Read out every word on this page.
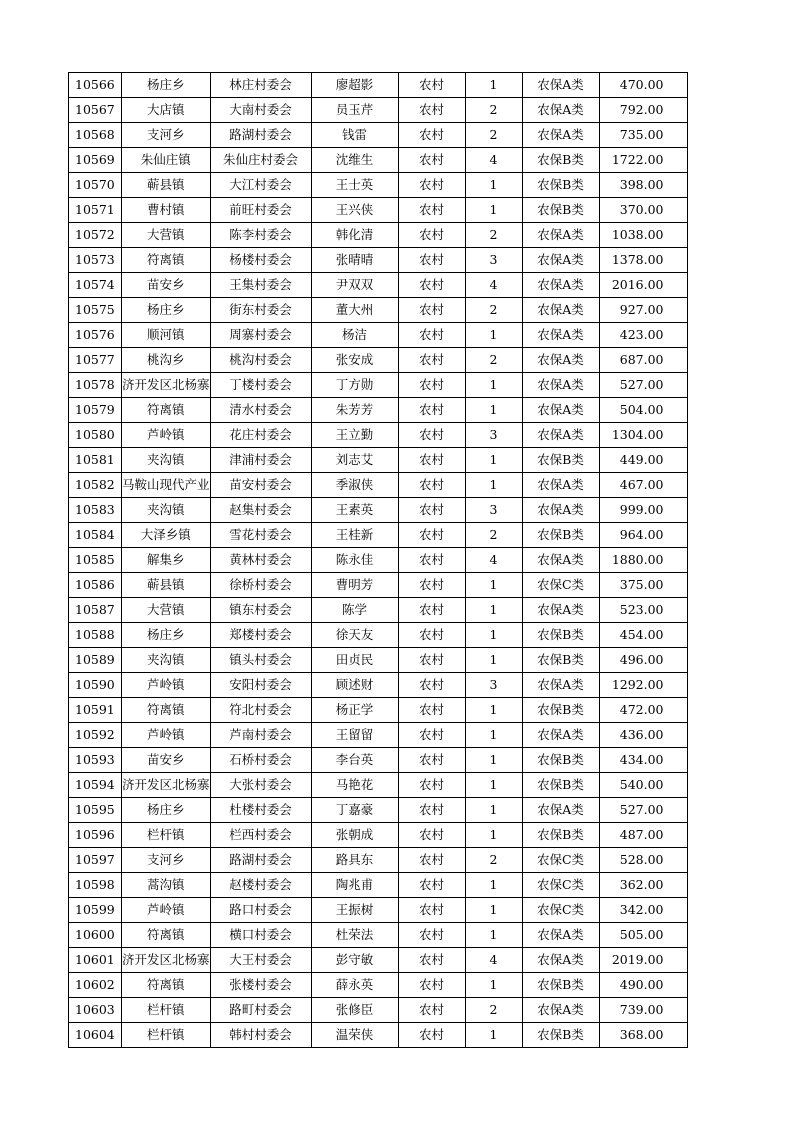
10566	杨庄乡	林庄村委会	廖超影	农村	1	农保A类	470.00
10567	大店镇	大南村委会	员玉芹	农村	2	农保A类	792.00
10568	支河乡	路湖村委会	钱雷	农村	2	农保A类	735.00
10569	朱仙庄镇	朱仙庄村委会	沈维生	农村	4	农保B类	1722.00
10570	蕲县镇	大江村委会	王士英	农村	1	农保B类	398.00
10571	曹村镇	前旺村委会	王兴侠	农村	1	农保B类	370.00
10572	大营镇	陈李村委会	韩化清	农村	2	农保A类	1038.00
10573	符离镇	杨楼村委会	张晴晴	农村	3	农保A类	1378.00
10574	苗安乡	王集村委会	尹双双	农村	4	农保A类	2016.00
10575	杨庄乡	街东村委会	董大州	农村	2	农保A类	927.00
10576	顺河镇	周寨村委会	杨洁	农村	1	农保A类	423.00
10577	桃沟乡	桃沟村委会	张安成	农村	2	农保A类	687.00
10578	济开发区北杨寨	丁楼村委会	丁方勋	农村	1	农保A类	527.00
10579	符离镇	清水村委会	朱芳芳	农村	1	农保A类	504.00
10580	芦岭镇	花庄村委会	王立勤	农村	3	农保A类	1304.00
10581	夹沟镇	津浦村委会	刘志艾	农村	1	农保B类	449.00
10582	马鞍山现代产业	苗安村委会	季淑侠	农村	1	农保A类	467.00
10583	夹沟镇	赵集村委会	王素英	农村	3	农保A类	999.00
10584	大泽乡镇	雪花村委会	王桂新	农村	2	农保B类	964.00
10585	解集乡	黄林村委会	陈永佳	农村	4	农保A类	1880.00
10586	蕲县镇	徐桥村委会	曹明芳	农村	1	农保C类	375.00
10587	大营镇	镇东村委会	陈学	农村	1	农保A类	523.00
10588	杨庄乡	郑楼村委会	徐天友	农村	1	农保B类	454.00
10589	夹沟镇	镇头村委会	田贞民	农村	1	农保B类	496.00
10590	芦岭镇	安阳村委会	顾述财	农村	3	农保A类	1292.00
10591	符离镇	符北村委会	杨正学	农村	1	农保B类	472.00
10592	芦岭镇	芦南村委会	王留留	农村	1	农保A类	436.00
10593	苗安乡	石桥村委会	李台英	农村	1	农保B类	434.00
10594	济开发区北杨寨	大张村委会	马艳花	农村	1	农保B类	540.00
10595	杨庄乡	杜楼村委会	丁嘉豪	农村	1	农保A类	527.00
10596	栏杆镇	栏西村委会	张朝成	农村	1	农保B类	487.00
10597	支河乡	路湖村委会	路具东	农村	2	农保C类	528.00
10598	蒿沟镇	赵楼村委会	陶兆甫	农村	1	农保C类	362.00
10599	芦岭镇	路口村委会	王振树	农村	1	农保C类	342.00
10600	符离镇	横口村委会	杜荣法	农村	1	农保A类	505.00
10601	济开发区北杨寨	大王村委会	彭守敏	农村	4	农保A类	2019.00
10602	符离镇	张楼村委会	薛永英	农村	1	农保B类	490.00
10603	栏杆镇	路町村委会	张修臣	农村	2	农保A类	739.00
10604	栏杆镇	韩村村委会	温荣侠	农村	1	农保B类	368.00
